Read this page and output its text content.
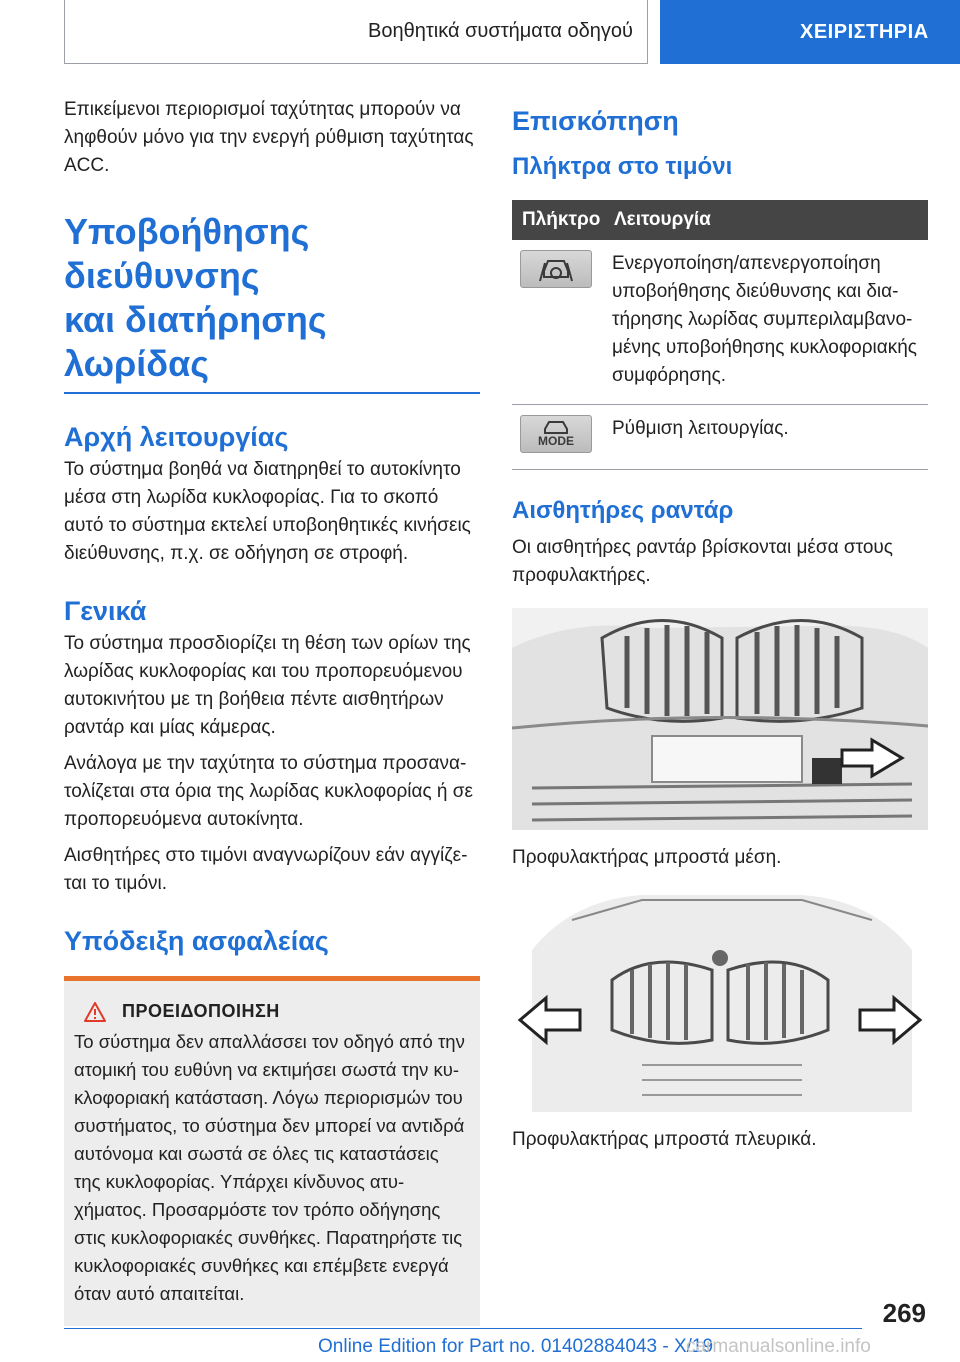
Βοηθητικά συστήματα οδηγού	ΧΕΙΡΙΣΤΗΡΙΑ

Επικείμενοι περιορισμοί ταχύτητας μπορούν να ληφθούν μόνο για την ενεργή ρύθμιση ταχύτητας ACC.

Υποβοήθησης διεύθυνσης
και διατήρησης λωρίδας
Αρχή λειτουργίας

Το σύστημα βοηθά να διατηρηθεί το αυτοκίνητο μέσα στη λωρίδα κυκλοφορίας. Για το σκοπό αυτό το σύστημα εκτελεί υποβοηθητικές κινήσεις διεύθυνσης, π.χ. σε οδήγηση σε στροφή.

Γενικά

Το σύστημα προσδιορίζει τη θέση των ορίων της λωρίδας κυκλοφορίας και του προπορευόμενου αυτοκινήτου με τη βοήθεια πέντε αισθητήρων ραντάρ και μίας κάμερας.

Ανάλογα με την ταχύτητα το σύστημα προσανατολίζεται στα όρια της λωρίδας κυκλοφορίας ή σε προπορευόμενα αυτοκίνητα.

Αισθητήρες στο τιμόνι αναγνωρίζουν εάν αγγίζεται το τιμόνι.

Υπόδειξη ασφαλείας
ΠΡΟΕΙΔΟΠΟΙΗΣΗ

Το σύστημα δεν απαλλάσσει τον οδηγό από την ατομική του ευθύνη να εκτιμήσει σωστά την κυκλοφοριακή κατάσταση. Λόγω περιορισμών του συστήματος, το σύστημα δεν μπορεί να αντιδρά αυτόνομα και σωστά σε όλες τις καταστάσεις της κυκλοφορίας. Υπάρχει κίνδυνος ατυχήματος. Προσαρμόστε τον τρόπο οδήγησης στις κυκλοφοριακές συνθήκες. Παρατηρήστε τις κυκλοφοριακές συνθήκες και επέμβετε ενεργά όταν αυτό απαιτείται.

Επισκόπηση
Πλήκτρα στο τιμόνι
Πλήκτρο	Λειτουργία

	Ενεργοποίηση/απενεργοποίηση υποβοήθησης διεύθυνσης και διατήρησης λωρίδας συμπεριλαμβανομένης υποβοήθησης κυκλοφοριακής συμφόρησης.

MODE	Ρύθμιση λειτουργίας.
Αισθητήρες ραντάρ

Οι αισθητήρες ραντάρ βρίσκονται μέσα στους προφυλακτήρες.

Προφυλακτήρας μπροστά μέση.

Προφυλακτήρας μπροστά πλευρικά.

269
Online Edition for Part no. 01402884043 - X/19
carmanualsonline.info
